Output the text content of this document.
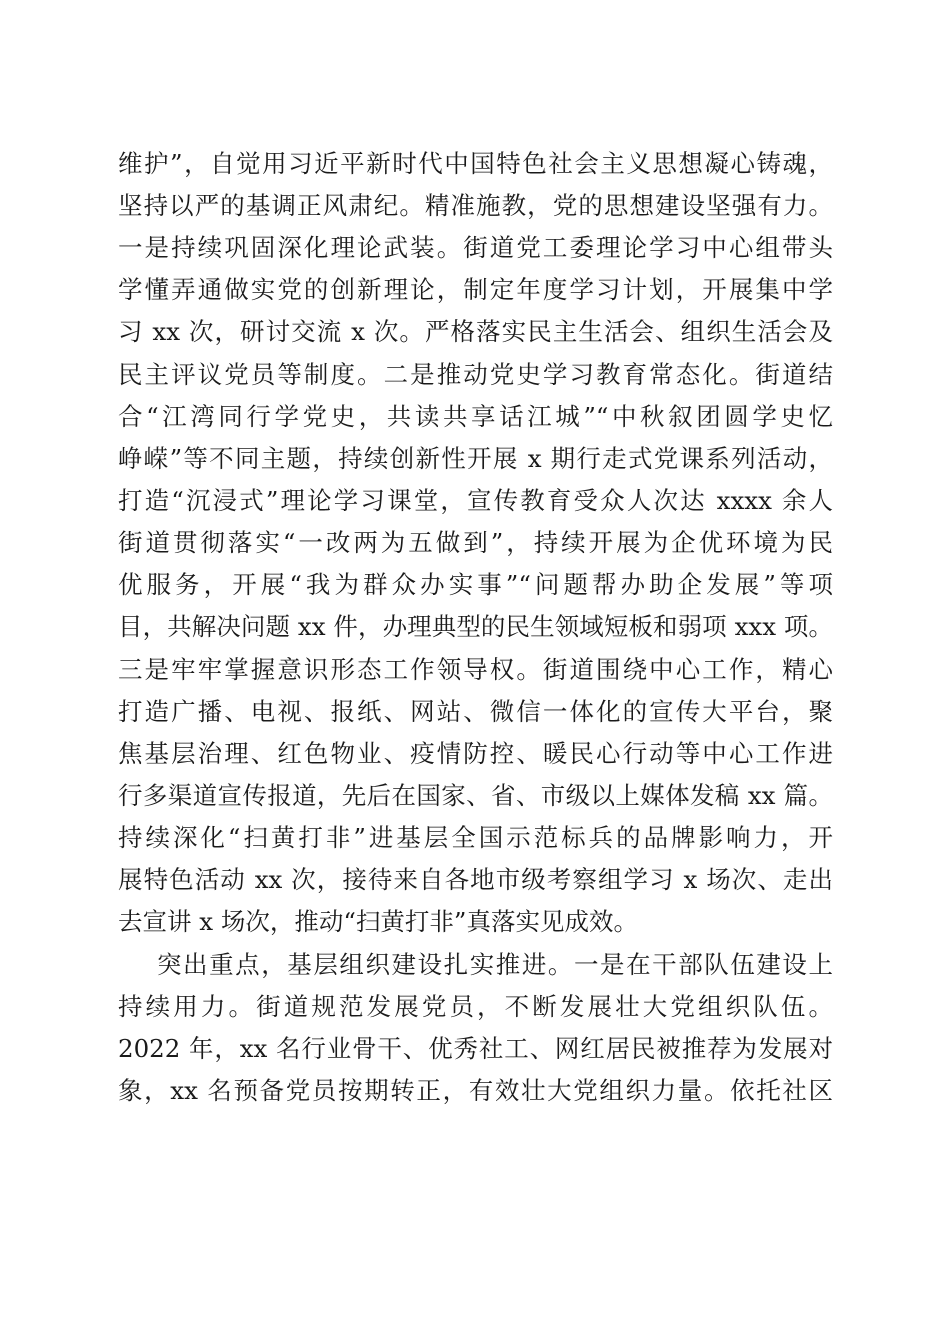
维护”，自觉用习近平新时代中国特色社会主义思想凝心铸魂，
坚持以严的基调正风肃纪。精准施教，党的思想建设坚强有力。
一是持续巩固深化理论武装。街道党工委理论学习中心组带头
学懂弄通做实党的创新理论，制定年度学习计划，开展集中学
习 xx 次，研讨交流 x 次。严格落实民主生活会、组织生活会及
民主评议党员等制度。二是推动党史学习教育常态化。街道结
合“江湾同行学党史，共读共享话江城”“中秋叙团圆学史忆
峥嵘”等不同主题，持续创新性开展 x 期行走式党课系列活动，
打造“沉浸式”理论学习课堂，宣传教育受众人次达 xxxx 余人
街道贯彻落实“一改两为五做到”，持续开展为企优环境为民
优服务，开展“我为群众办实事”“问题帮办助企发展”等项
目，共解决问题 xx 件，办理典型的民生领域短板和弱项 xxx 项。
三是牢牢掌握意识形态工作领导权。街道围绕中心工作，精心
打造广播、电视、报纸、网站、微信一体化的宣传大平台，聚
焦基层治理、红色物业、疫情防控、暖民心行动等中心工作进
行多渠道宣传报道，先后在国家、省、市级以上媒体发稿 xx 篇。
持续深化“扫黄打非”进基层全国示范标兵的品牌影响力，开
展特色活动 xx 次，接待来自各地市级考察组学习 x 场次、走出
去宣讲 x 场次，推动“扫黄打非”真落实见成效。
突出重点，基层组织建设扎实推进。一是在干部队伍建设上
持续用力。街道规范发展党员，不断发展壮大党组织队伍。
2022 年，xx 名行业骨干、优秀社工、网红居民被推荐为发展对
象，xx 名预备党员按期转正，有效壮大党组织力量。依托社区
